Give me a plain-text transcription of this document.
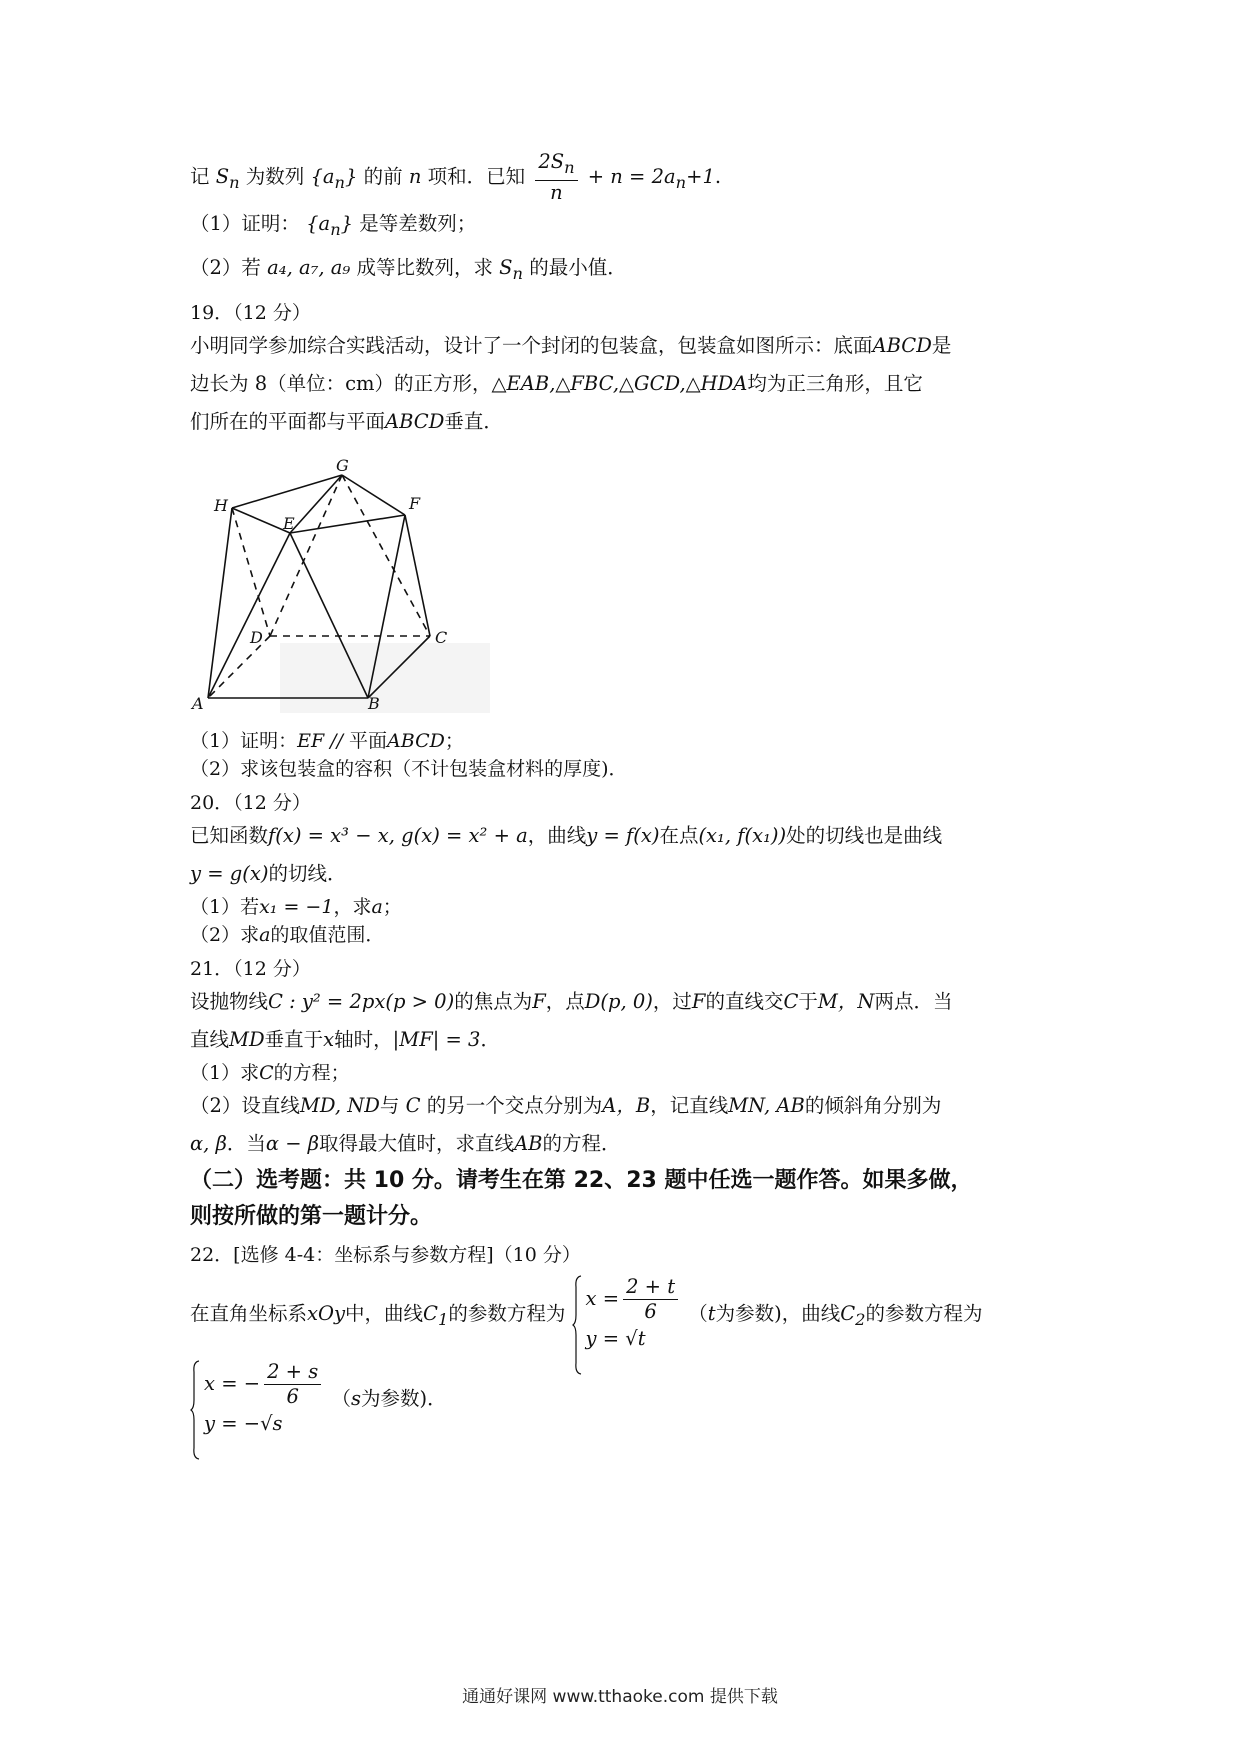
记 $S_n$ 为数列 $\{a_n\}$ 的前 n 项和．已知 $\frac{2S_n}{n} + n = 2a_n+1$.
（1）证明： $\{a_n\}$ 是等差数列；
（2）若 a₄, a₇, a₉ 成等比数列，求 $S_n$ 的最小值．
19．（12 分）
小明同学参加综合实践活动，设计了一个封闭的包装盒，包装盒如图所示：底面ABCD是
边长为 8（单位：cm）的正方形，△EAB,△FBC,△GCD,△HDA均为正三角形，且它
们所在的平面都与平面ABCD垂直．
G
H	F
E
D	C
A	B
（1）证明：EF // 平面ABCD；
（2）求该包装盒的容积（不计包装盒材料的厚度)．
20．（12 分）
已知函数f(x) = x³ − x, g(x) = x² + a，曲线y = f(x)在点(x₁, f(x₁))处的切线也是曲线
y = g(x)的切线．
（1）若x₁ = −1，求a；
（2）求a的取值范围．
21．（12 分）
设抛物线C : y² = 2px(p > 0)的焦点为F，点D(p, 0)，过F的直线交C于M，N两点．当
直线MD垂直于x轴时，|MF| = 3．
（1）求C的方程；
（2）设直线MD, ND与 C 的另一个交点分别为A，B，记直线MN, AB的倾斜角分别为
α, β．当α − β取得最大值时，求直线AB的方程．
（二）选考题：共 10 分。请考生在第 22、23 题中任选一题作答。如果多做，
则按所做的第一题计分。
22．[选修 4-4：坐标系与参数方程]（10 分）
在直角坐标系xOy中，曲线$C_1$的参数方程为
$x = \frac{2 + t}{6}$
y = √t
（t为参数)，曲线$C_2$的参数方程为
x = − $\frac{2 + s}{6}$
y = −√s
（s为参数)．
通通好课网 www.tthaoke.com 提供下载
